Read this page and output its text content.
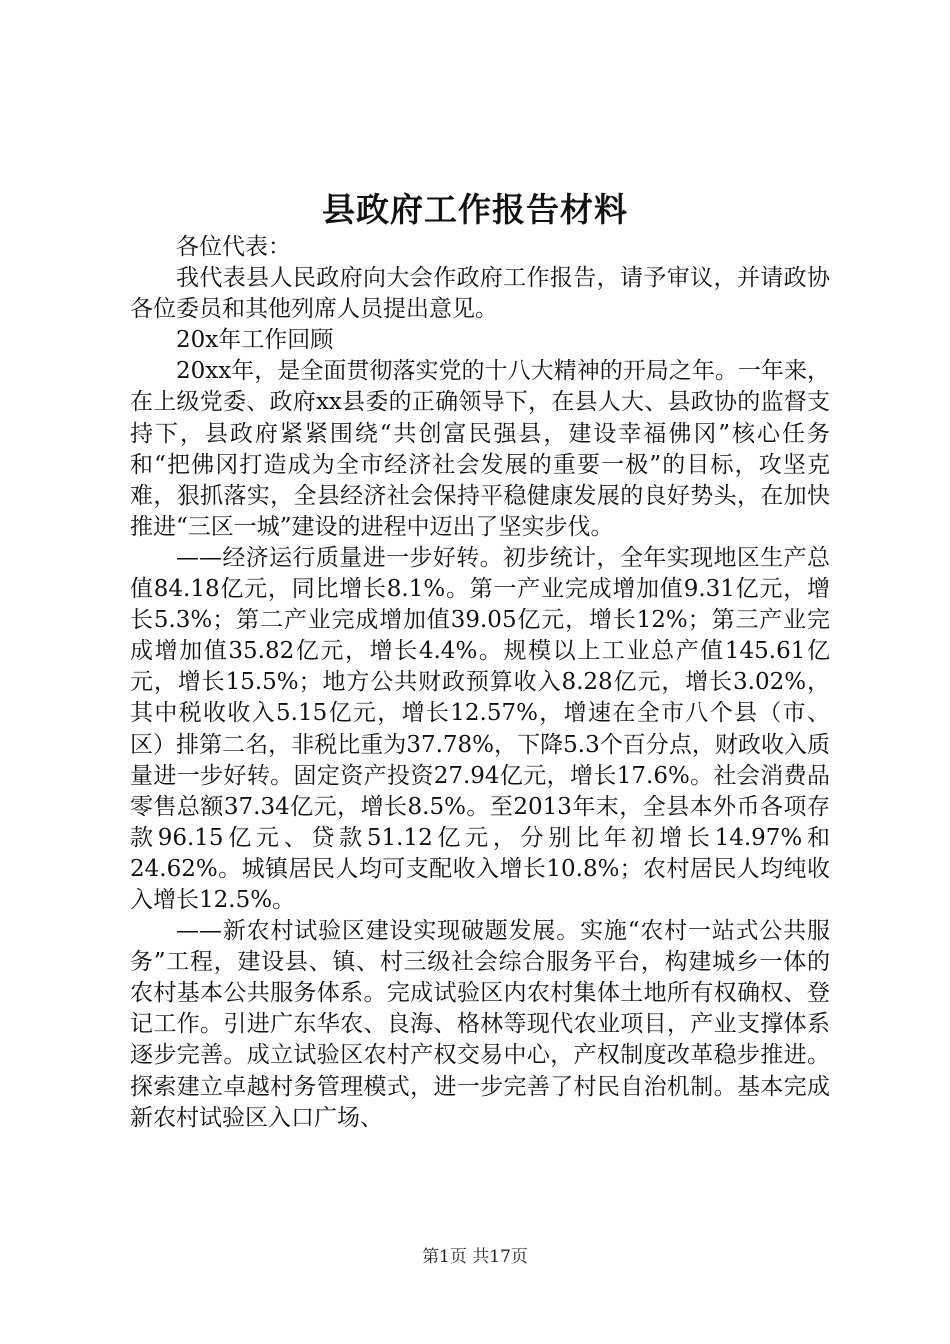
县政府工作报告材料

各位代表：

我代表县人民政府向大会作政府工作报告，请予审议，并请政协各位委员和其他列席人员提出意见。

20x年工作回顾

20xx年，是全面贯彻落实党的十八大精神的开局之年。一年来，在上级党委、政府xx县委的正确领导下，在县人大、县政协的监督支持下，县政府紧紧围绕“共创富民强县，建设幸福佛冈”核心任务和“把佛冈打造成为全市经济社会发展的重要一极”的目标，攻坚克难，狠抓落实，全县经济社会保持平稳健康发展的良好势头，在加快推进“三区一城”建设的进程中迈出了坚实步伐。

——经济运行质量进一步好转。初步统计，全年实现地区生产总值84.18亿元，同比增长8.1%。第一产业完成增加值9.31亿元，增长5.3%；第二产业完成增加值39.05亿元，增长12%；第三产业完成增加值35.82亿元，增长4.4%。规模以上工业总产值145.61亿元，增长15.5%；地方公共财政预算收入8.28亿元，增长3.02%，其中税收收入5.15亿元，增长12.57%，增速在全市八个县（市、区）排第二名，非税比重为37.78%，下降5.3个百分点，财政收入质量进一步好转。固定资产投资27.94亿元，增长17.6%。社会消费品零售总额37.34亿元，增长8.5%。至2013年末，全县本外币各项存款96.15亿元、贷款51.12亿元，分别比年初增长14.97%和24.62%。城镇居民人均可支配收入增长10.8%；农村居民人均纯收入增长12.5%。

——新农村试验区建设实现破题发展。实施“农村一站式公共服务”工程，建设县、镇、村三级社会综合服务平台，构建城乡一体的农村基本公共服务体系。完成试验区内农村集体土地所有权确权、登记工作。引进广东华农、良海、格林等现代农业项目，产业支撑体系逐步完善。成立试验区农村产权交易中心，产权制度改革稳步推进。探索建立卓越村务管理模式，进一步完善了村民自治机制。基本完成新农村试验区入口广场、

第1页 共17页
